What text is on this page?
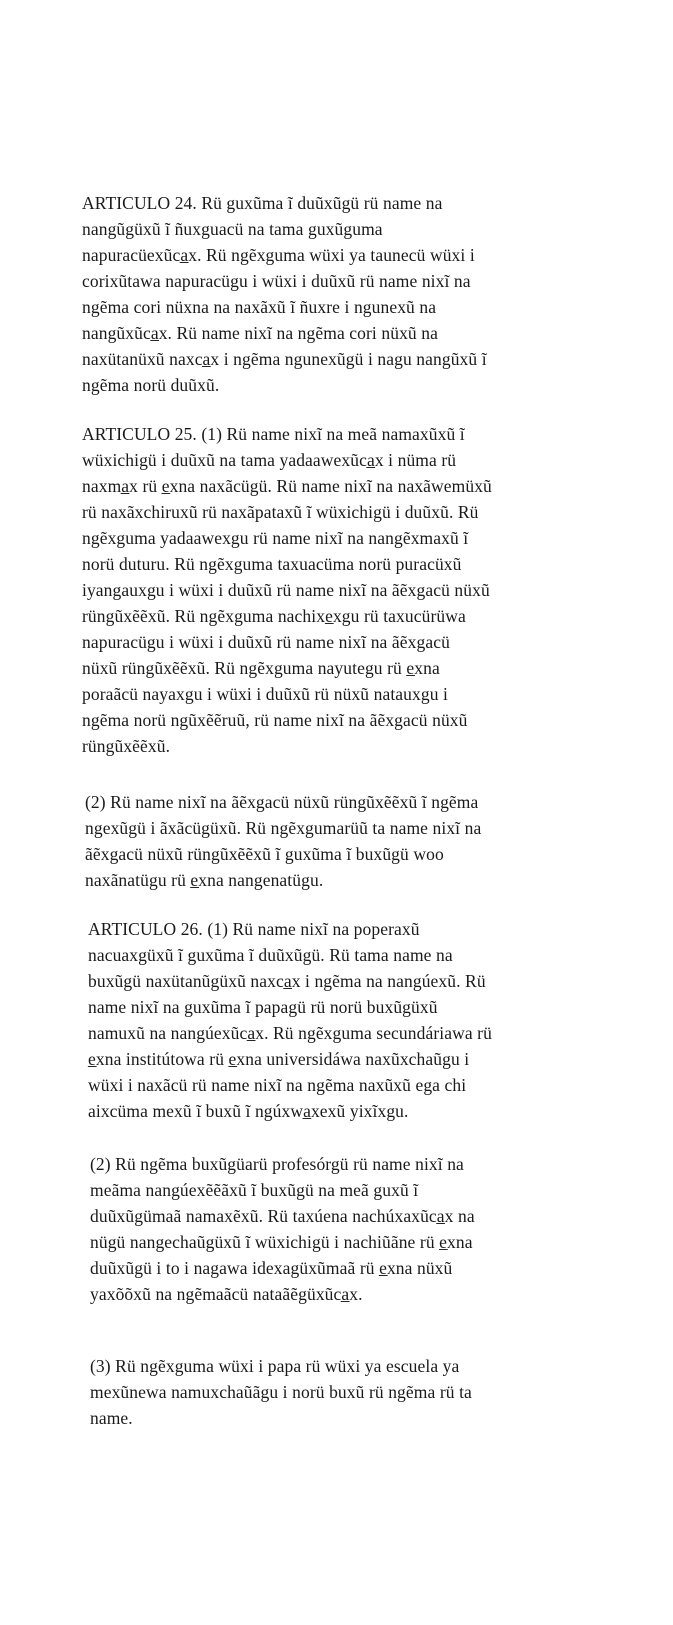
ARTICULO 24. Rü guxũma ĩ duũxũgü rü name na
nangũgüxũ ĩ ñuxguacü na tama guxũguma
napuracüexũca̲x. Rü ngẽxguma wüxi ya taunecü wüxi i
corixũtawa napuracügu i wüxi i duũxũ rü name nixĩ na
ngẽma cori nüxna na naxãxũ ĩ ñuxre i ngunexũ na
nangũxũca̲x. Rü name nixĩ na ngẽma cori nüxũ na
naxütanüxũ naxca̲x i ngẽma ngunexũgü i nagu nangũxũ ĩ
ngẽma norü duũxũ.
ARTICULO 25. (1) Rü name nixĩ na meã namaxũxũ ĩ
wüxichigü i duũxũ na tama yadaawexũca̲x i nüma rü
naxma̲x rü e̲xna naxãcügü. Rü name nixĩ na naxãwemüxũ
rü naxãxchiruxũ rü naxãpataxũ ĩ wüxichigü i duũxũ. Rü
ngẽxguma yadaawexgu rü name nixĩ na nangẽxmaxũ ĩ
norü duturu. Rü ngẽxguma taxuacüma norü puracüxũ
iyangauxgu i wüxi i duũxũ rü name nixĩ na ãẽxgacü nüxũ
rüngũxẽẽxũ. Rü ngẽxguma nachixe̲xgu rü taxucürüwa
napuracügu i wüxi i duũxũ rü name nixĩ na ãẽxgacü
nüxũ rüngũxẽẽxũ. Rü ngẽxguma nayutegu rü e̲xna
poraãcü nayaxgu i wüxi i duũxũ rü nüxũ natauxgu i
ngẽma norü ngũxẽẽruũ, rü name nixĩ na ãẽxgacü nüxũ
rüngũxẽẽxũ.
(2) Rü name nixĩ na ãẽxgacü nüxũ rüngũxẽẽxũ ĩ ngẽma
ngexũgü i ãxãcügüxũ. Rü ngẽxgumarüũ ta name nixĩ na
ãẽxgacü nüxũ rüngũxẽẽxũ ĩ guxũma ĩ buxũgü woo
naxãnatügu rü e̲xna nangenatügu.
ARTICULO 26. (1) Rü name nixĩ na poperaxũ
nacuaxgüxũ ĩ guxũma ĩ duũxũgü. Rü tama name na
buxũgü naxütanũgüxũ naxca̲x i ngẽma na nangúexũ. Rü
name nixĩ na guxũma ĩ papagü rü norü buxũgüxũ
namuxũ na nangúexũca̲x. Rü ngẽxguma secundáriawa rü
e̲xna institútowa rü e̲xna universidáwa naxũxchaũgu i
wüxi i naxãcü rü name nixĩ na ngẽma naxũxũ ega chi
aixcüma mexũ ĩ buxũ ĩ ngúxwa̲xexũ yixĩxgu.
(2) Rü ngẽma buxũgüarü profesórgü rü name nixĩ na
meãma nangúexẽẽãxũ ĩ buxũgü na meã guxũ ĩ
duũxũgümaã namaxẽxũ. Rü taxúena nachúxaxũca̲x na
nügü nangechaũgüxũ ĩ wüxichigü i nachiũãne rü e̲xna
duũxũgü i to i nagawa idexagüxũmaã rü e̲xna nüxũ
yaxõõxũ na ngẽmaãcü nataãẽgüxũca̲x.
(3) Rü ngẽxguma wüxi i papa rü wüxi ya escuela ya
mexũnewa namuxchaũãgu i norü buxũ rü ngẽma rü ta
name.
